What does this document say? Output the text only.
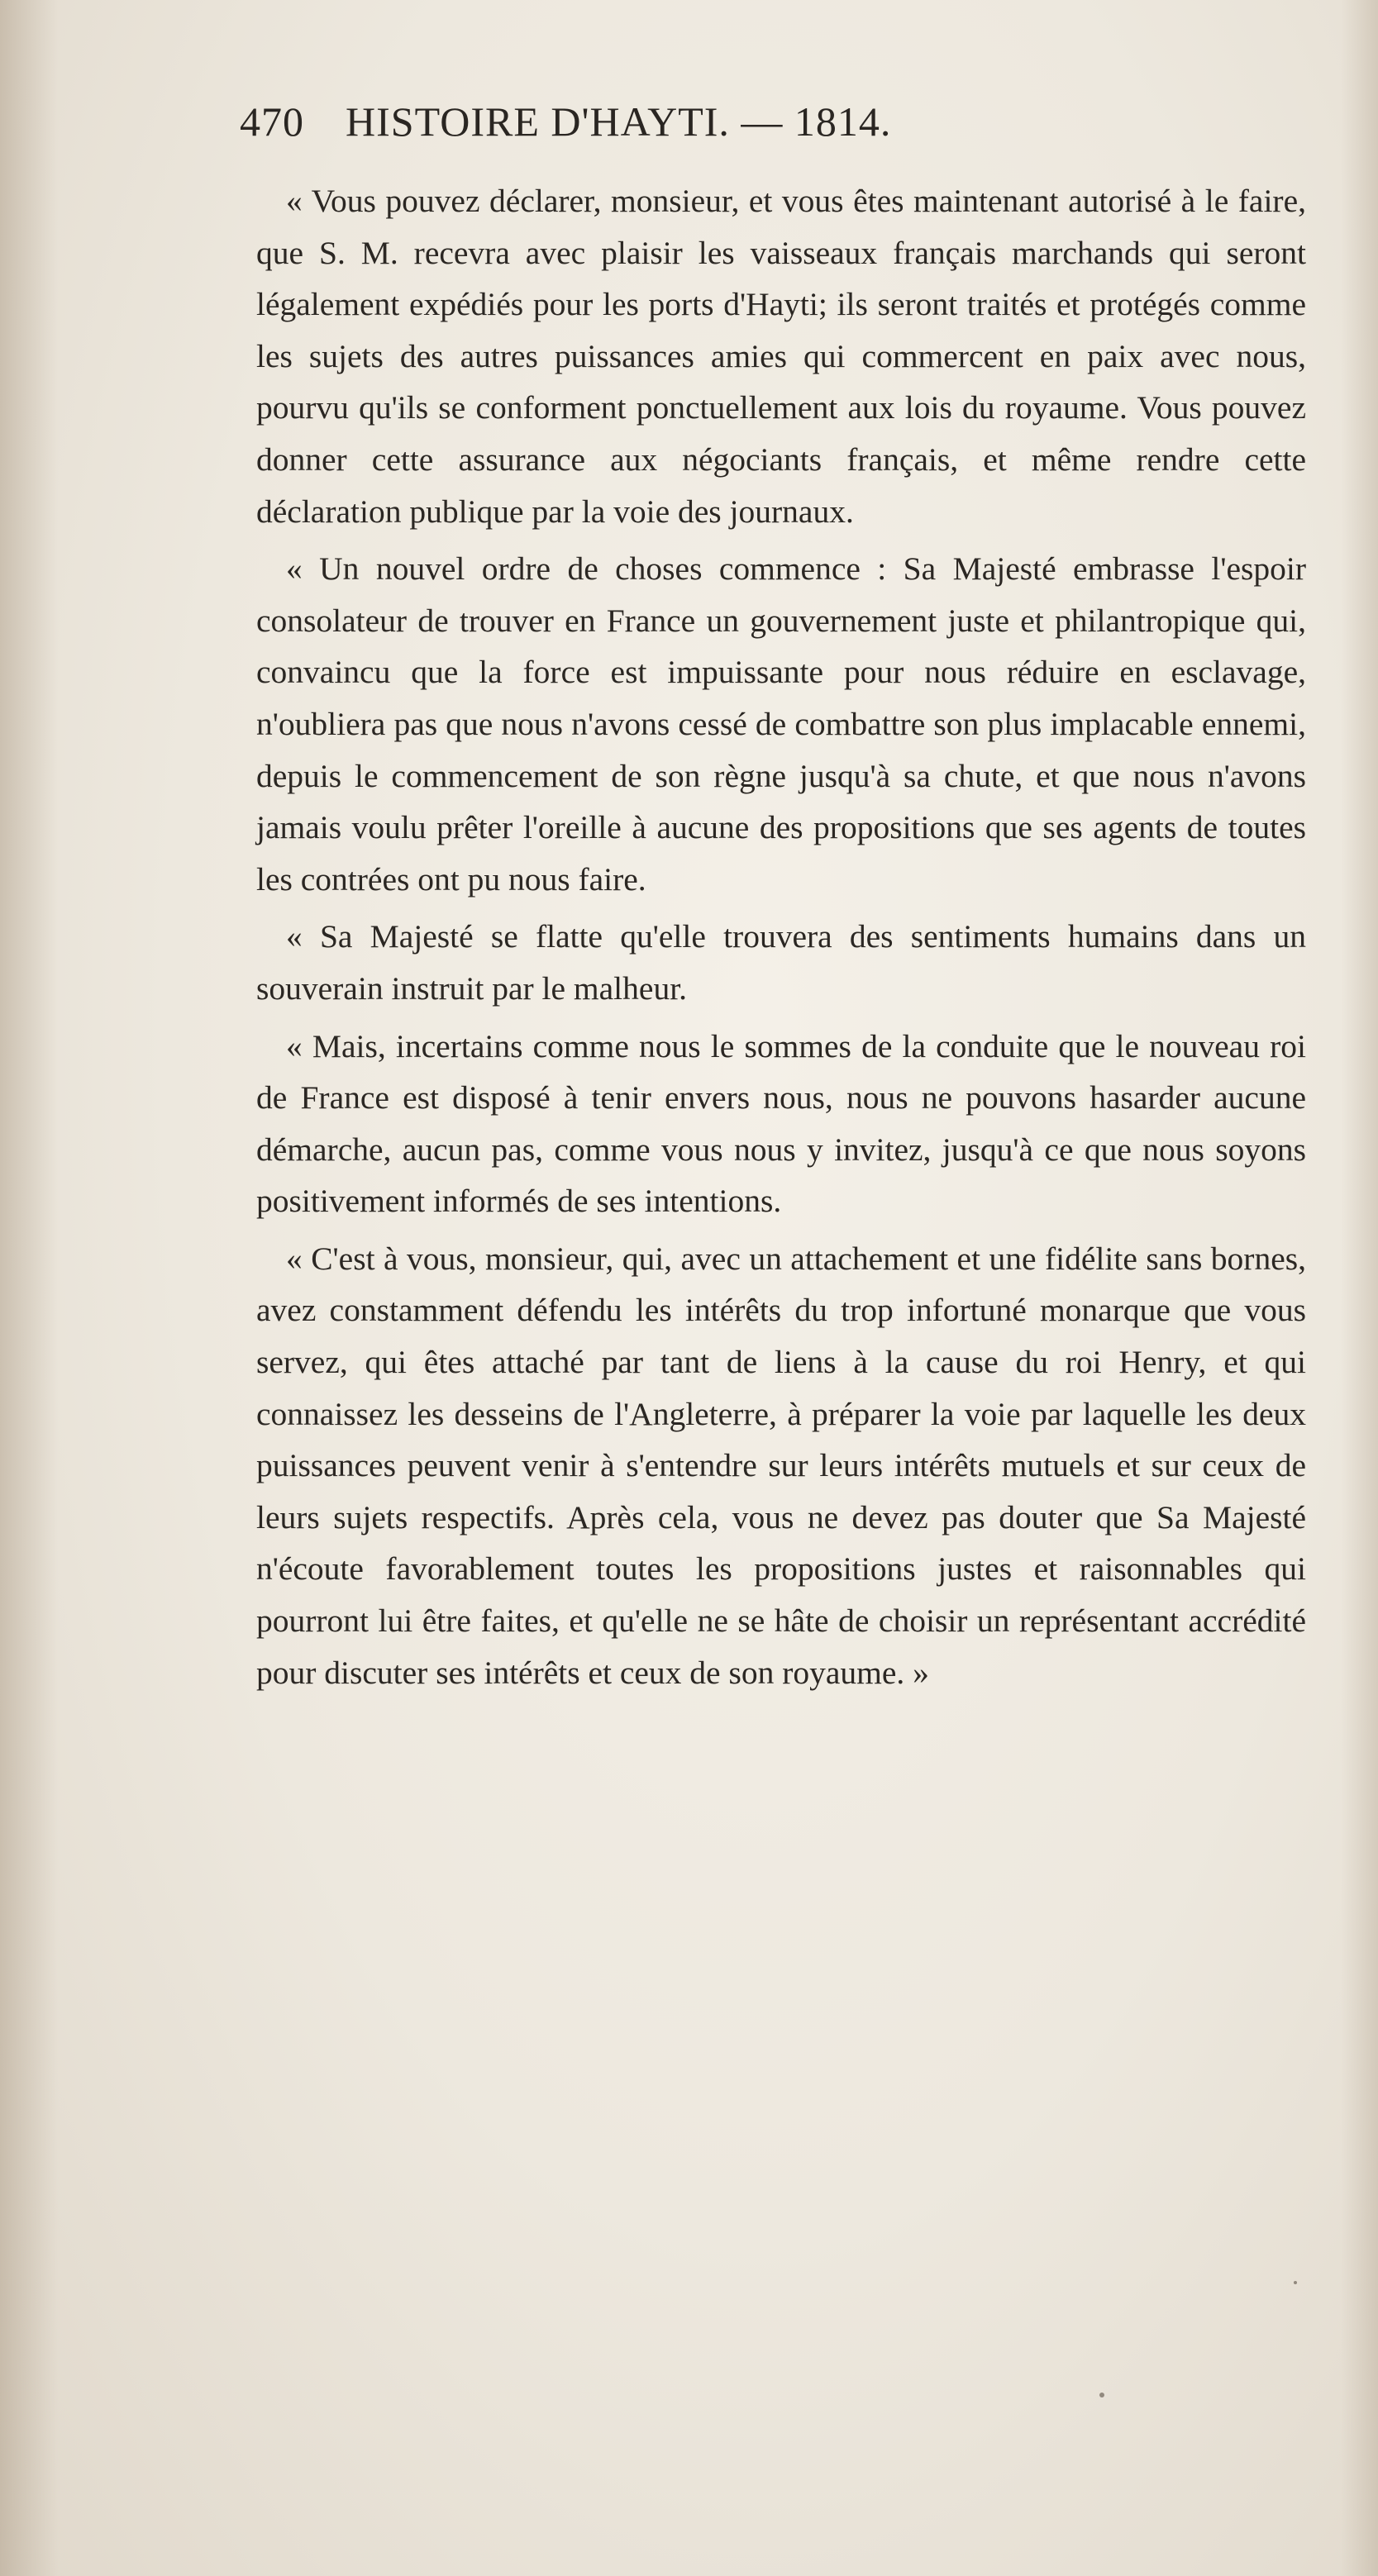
470 HISTOIRE D'HAYTI. — 1814.

« Vous pouvez déclarer, monsieur, et vous êtes maintenant autorisé à le faire, que S. M. recevra avec plaisir les vaisseaux français marchands qui seront légalement expédiés pour les ports d'Hayti; ils seront traités et protégés comme les sujets des autres puissances amies qui commercent en paix avec nous, pourvu qu'ils se conforment ponctuellement aux lois du royaume. Vous pouvez donner cette assurance aux négociants français, et même rendre cette déclaration publique par la voie des journaux.

« Un nouvel ordre de choses commence : Sa Majesté embrasse l'espoir consolateur de trouver en France un gouvernement juste et philantropique qui, convaincu que la force est impuissante pour nous réduire en esclavage, n'oubliera pas que nous n'avons cessé de combattre son plus implacable ennemi, depuis le commencement de son règne jusqu'à sa chute, et que nous n'avons jamais voulu prêter l'oreille à aucune des propositions que ses agents de toutes les contrées ont pu nous faire.

« Sa Majesté se flatte qu'elle trouvera des sentiments humains dans un souverain instruit par le malheur.

« Mais, incertains comme nous le sommes de la conduite que le nouveau roi de France est disposé à tenir envers nous, nous ne pouvons hasarder aucune démarche, aucun pas, comme vous nous y invitez, jusqu'à ce que nous soyons positivement informés de ses intentions.

« C'est à vous, monsieur, qui, avec un attachement et une fidélite sans bornes, avez constamment défendu les intérêts du trop infortuné monarque que vous servez, qui êtes attaché par tant de liens à la cause du roi Henry, et qui connaissez les desseins de l'Angleterre, à préparer la voie par laquelle les deux puissances peuvent venir à s'entendre sur leurs intérêts mutuels et sur ceux de leurs sujets respectifs. Après cela, vous ne devez pas douter que Sa Majesté n'écoute favorablement toutes les propositions justes et raisonnables qui pourront lui être faites, et qu'elle ne se hâte de choisir un représentant accrédité pour discuter ses intérêts et ceux de son royaume. »
